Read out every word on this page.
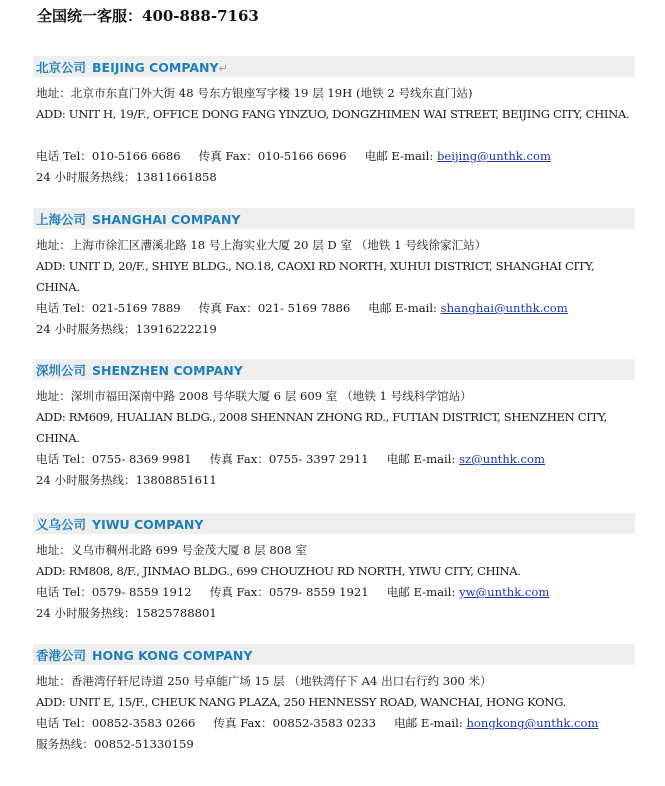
全国统一客服：400-888-7163
北京公司 BEIJING COMPANY↵
地址：北京市东直门外大街 48 号东方银座写字楼 19 层 19H (地铁 2 号线东直门站)
ADD: UNIT H, 19/F., OFFICE DONG FANG YINZUO, DONGZHIMEN WAI STREET, BEIJING CITY, CHINA.
电话 Tel：010-5166 6686 传真 Fax：010-5166 6696 电邮 E-mail: beijing@unthk.com
24 小时服务热线：13811661858
上海公司 SHANGHAI COMPANY
地址：上海市徐汇区漕溪北路 18 号上海实业大厦 20 层 D 室 （地铁 1 号线徐家汇站）
ADD: UNIT D, 20/F., SHIYE BLDG., NO.18, CAOXI RD NORTH, XUHUI DISTRICT, SHANGHAI CITY, CHINA.
电话 Tel：021-5169 7889 传真 Fax：021- 5169 7886 电邮 E-mail: shanghai@unthk.com
24 小时服务热线：13916222219
深圳公司 SHENZHEN COMPANY
地址：深圳市福田深南中路 2008 号华联大厦 6 层 609 室 （地铁 1 号线科学馆站）
ADD: RM609, HUALIAN BLDG., 2008 SHENNAN ZHONG RD., FUTIAN DISTRICT, SHENZHEN CITY, CHINA.
电话 Tel：0755- 8369 9981 传真 Fax：0755- 3397 2911 电邮 E-mail: sz@unthk.com
24 小时服务热线：13808851611
义乌公司 YIWU COMPANY
地址：义乌市稠州北路 699 号金茂大厦 8 层 808 室
ADD: RM808, 8/F., JINMAO BLDG., 699 CHOUZHOU RD NORTH, YIWU CITY, CHINA.
电话 Tel：0579- 8559 1912 传真 Fax：0579- 8559 1921 电邮 E-mail: yw@unthk.com
24 小时服务热线：15825788801
香港公司 HONG KONG COMPANY
地址：香港湾仔轩尼诗道 250 号卓能广场 15 层 （地铁湾仔下 A4 出口右行约 300 米）
ADD: UNIT E, 15/F., CHEUK NANG PLAZA, 250 HENNESSY ROAD, WANCHAI, HONG KONG.
电话 Tel：00852-3583 0266 传真 Fax：00852-3583 0233 电邮 E-mail: hongkong@unthk.com
服务热线：00852-51330159
